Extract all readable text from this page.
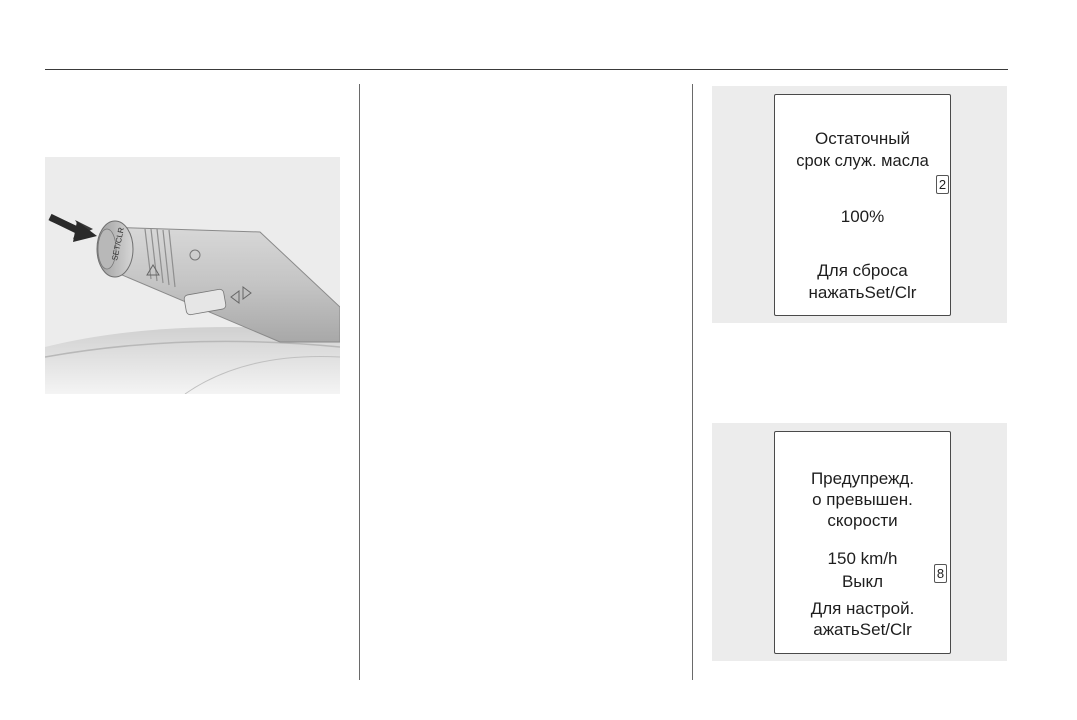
SET/CLR
Остаточный
срок служ. масла
2
100%
Для сброса
нажатьSet/Clr
Предупрежд.
о превышен.
скорости
150 km/h
8
Выкл
Для настрой.
ажатьSet/Clr
